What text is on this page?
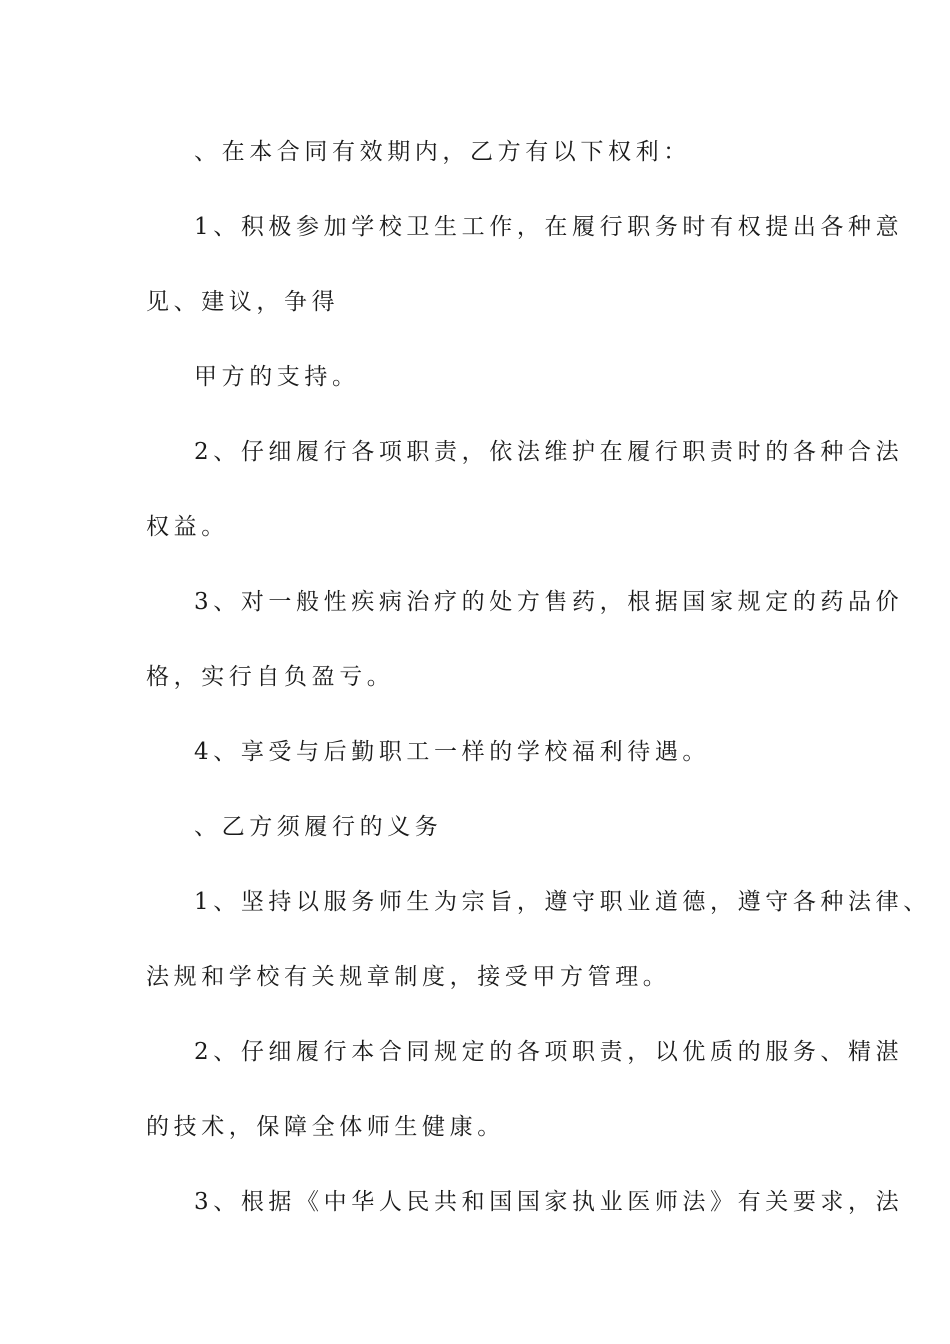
、在本合同有效期内，乙方有以下权利：
1、积极参加学校卫生工作，在履行职务时有权提出各种意
见、建议，争得
甲方的支持。
2、仔细履行各项职责，依法维护在履行职责时的各种合法
权益。
3、对一般性疾病治疗的处方售药，根据国家规定的药品价
格，实行自负盈亏。
4、享受与后勤职工一样的学校福利待遇。
、乙方须履行的义务
1、坚持以服务师生为宗旨，遵守职业道德，遵守各种法律、
法规和学校有关规章制度，接受甲方管理。
2、仔细履行本合同规定的各项职责，以优质的服务、精湛
的技术，保障全体师生健康。
3、根据《中华人民共和国国家执业医师法》有关要求，法
